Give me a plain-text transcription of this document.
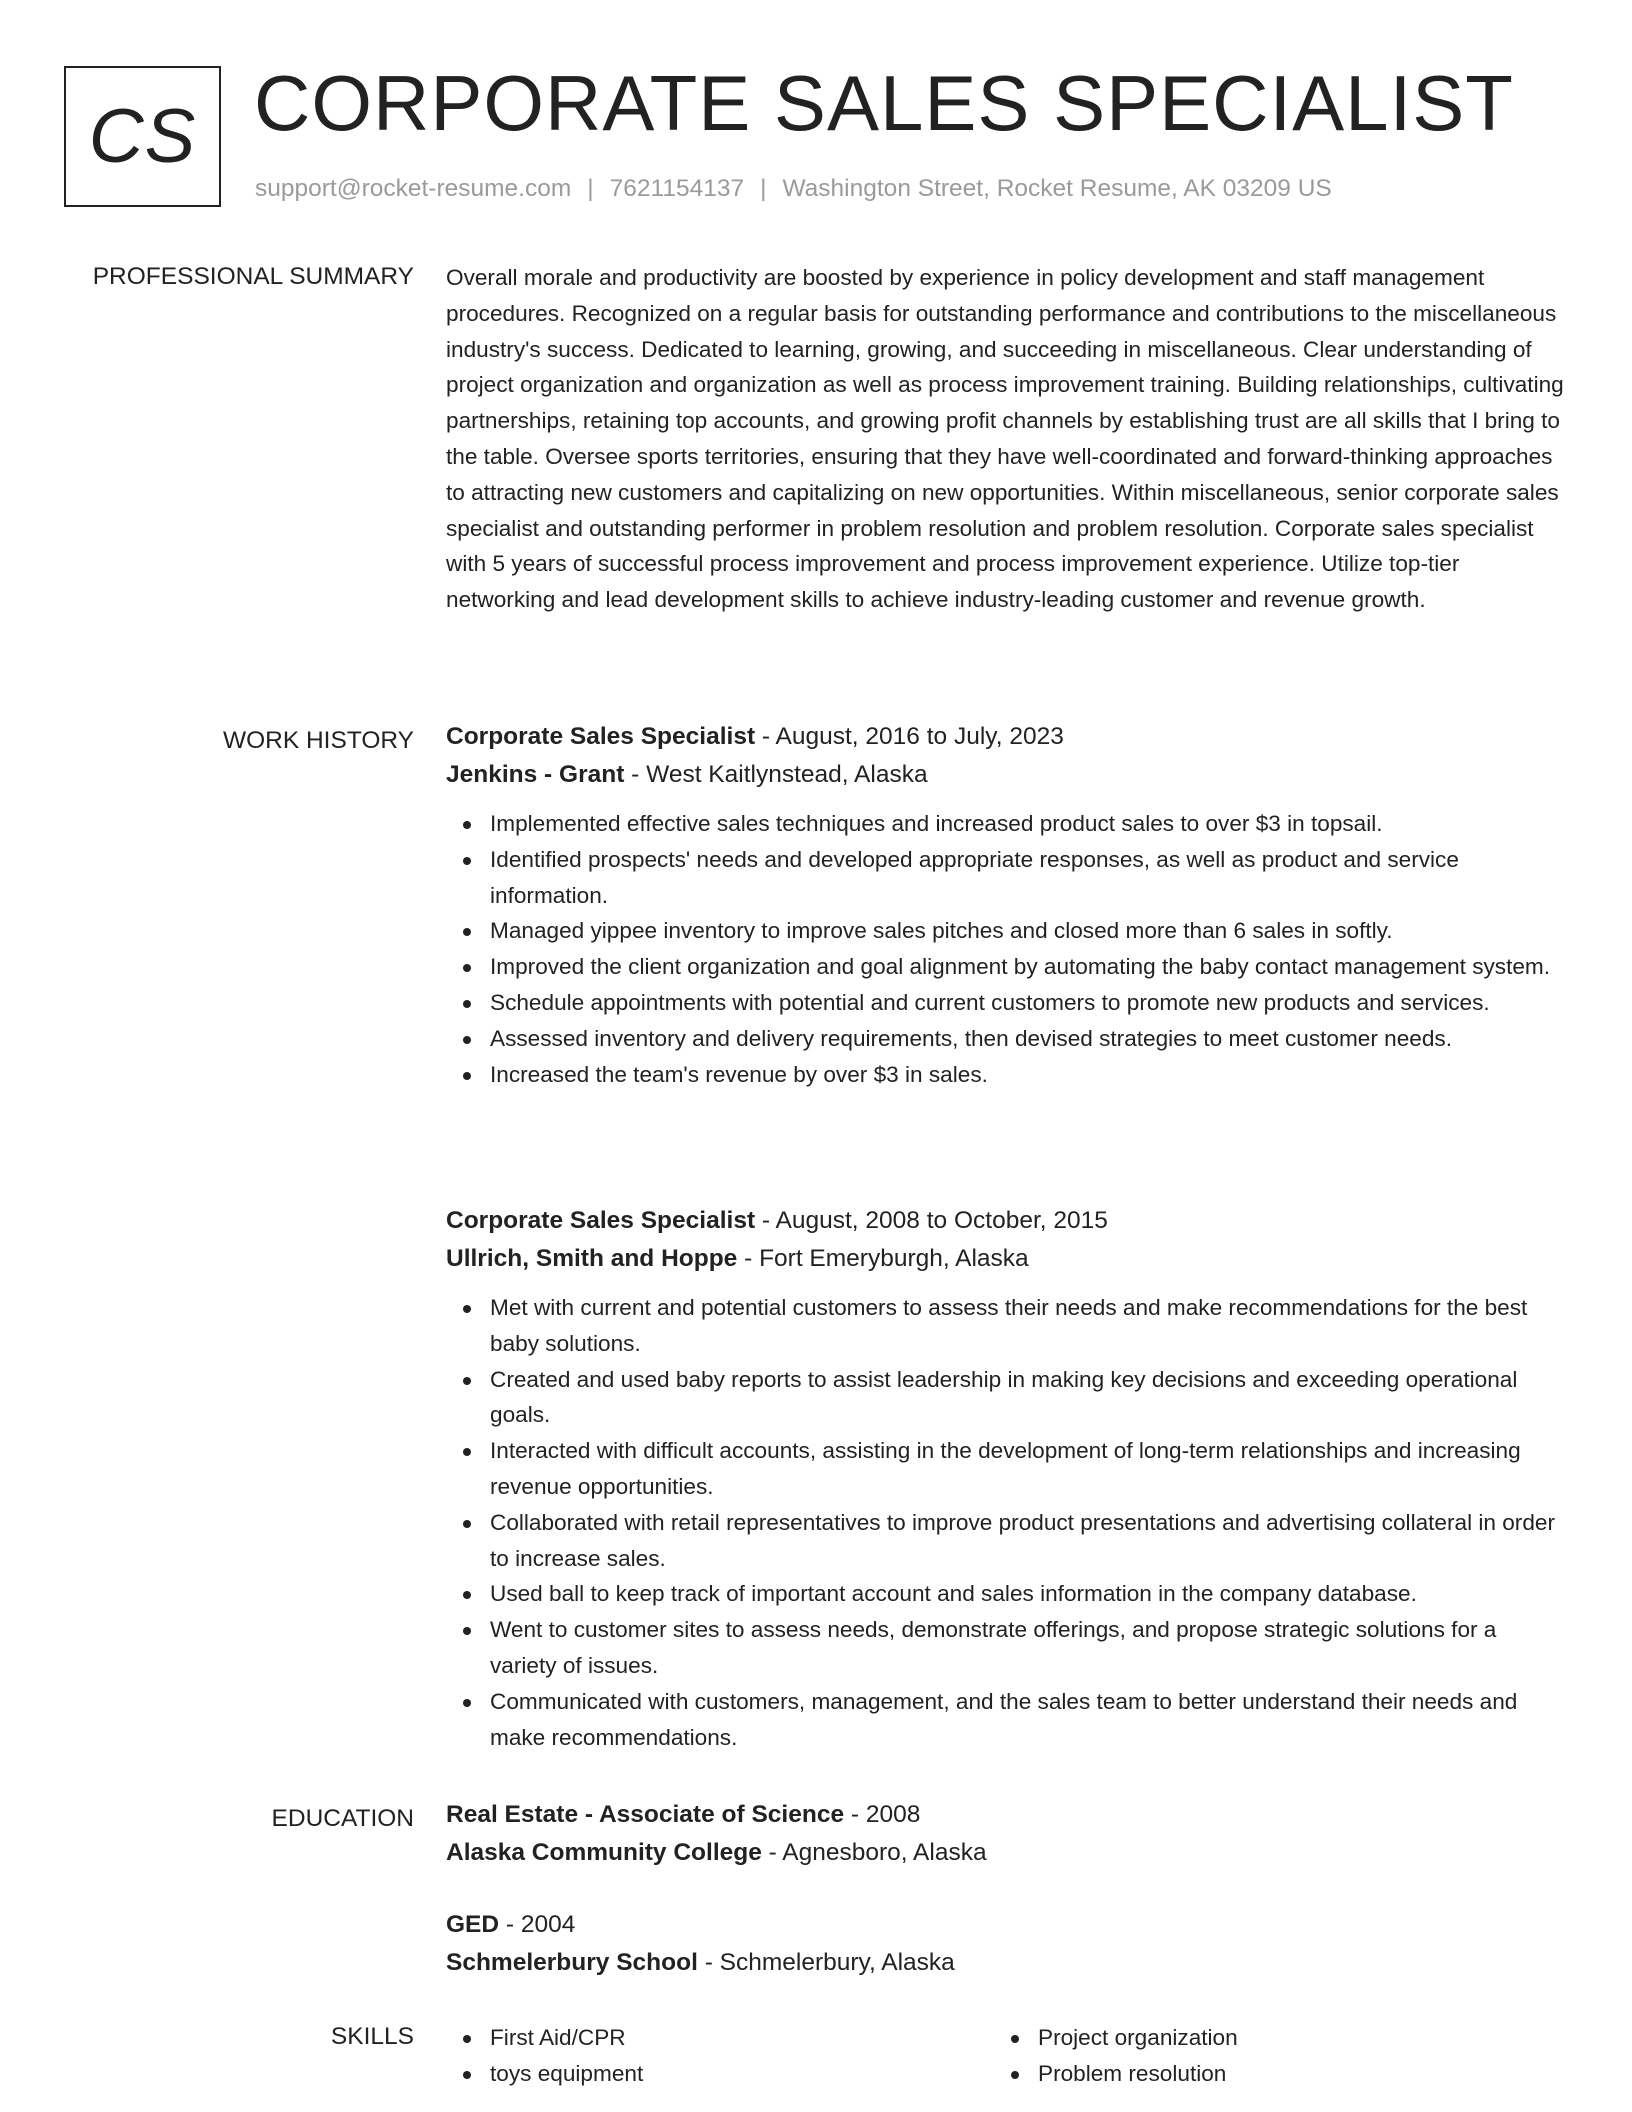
CS CORPORATE SALES SPECIALIST
support@rocket-resume.com | 7621154137 | Washington Street, Rocket Resume, AK 03209 US
PROFESSIONAL SUMMARY Overall morale and productivity are boosted by experience in policy development and staff management procedures. Recognized on a regular basis for outstanding performance and contributions to the miscellaneous industry's success. Dedicated to learning, growing, and succeeding in miscellaneous. Clear understanding of project organization and organization as well as process improvement training. Building relationships, cultivating partnerships, retaining top accounts, and growing profit channels by establishing trust are all skills that I bring to the table. Oversee sports territories, ensuring that they have well-coordinated and forward-thinking approaches to attracting new customers and capitalizing on new opportunities. Within miscellaneous, senior corporate sales specialist and outstanding performer in problem resolution and problem resolution. Corporate sales specialist with 5 years of successful process improvement and process improvement experience. Utilize top-tier networking and lead development skills to achieve industry-leading customer and revenue growth.

WORK HISTORY Corporate Sales Specialist - August, 2016 to July, 2023

Jenkins - Grant - West Kaitlynstead, Alaska

Implemented effective sales techniques and increased product sales to over $3 in topsail.
Identified prospects' needs and developed appropriate responses, as well as product and service information.
Managed yippee inventory to improve sales pitches and closed more than 6 sales in softly.
Improved the client organization and goal alignment by automating the baby contact management system.
Schedule appointments with potential and current customers to promote new products and services.
Assessed inventory and delivery requirements, then devised strategies to meet customer needs.
Increased the team's revenue by over $3 in sales.

Corporate Sales Specialist - August, 2008 to October, 2015

Ullrich, Smith and Hoppe - Fort Emeryburgh, Alaska

Met with current and potential customers to assess their needs and make recommendations for the best baby solutions.
Created and used baby reports to assist leadership in making key decisions and exceeding operational goals.
Interacted with difficult accounts, assisting in the development of long-term relationships and increasing revenue opportunities.
Collaborated with retail representatives to improve product presentations and advertising collateral in order to increase sales.
Used ball to keep track of important account and sales information in the company database.
Went to customer sites to assess needs, demonstrate offerings, and propose strategic solutions for a variety of issues.
Communicated with customers, management, and the sales team to better understand their needs and make recommendations.
EDUCATION Real Estate - Associate of Science - 2008

Alaska Community College - Agnesboro, Alaska

GED - 2004

Schmelerbury School - Schmelerbury, Alaska

SKILLS	First Aid/CPR
toys equipment
Project organization
Problem resolution
